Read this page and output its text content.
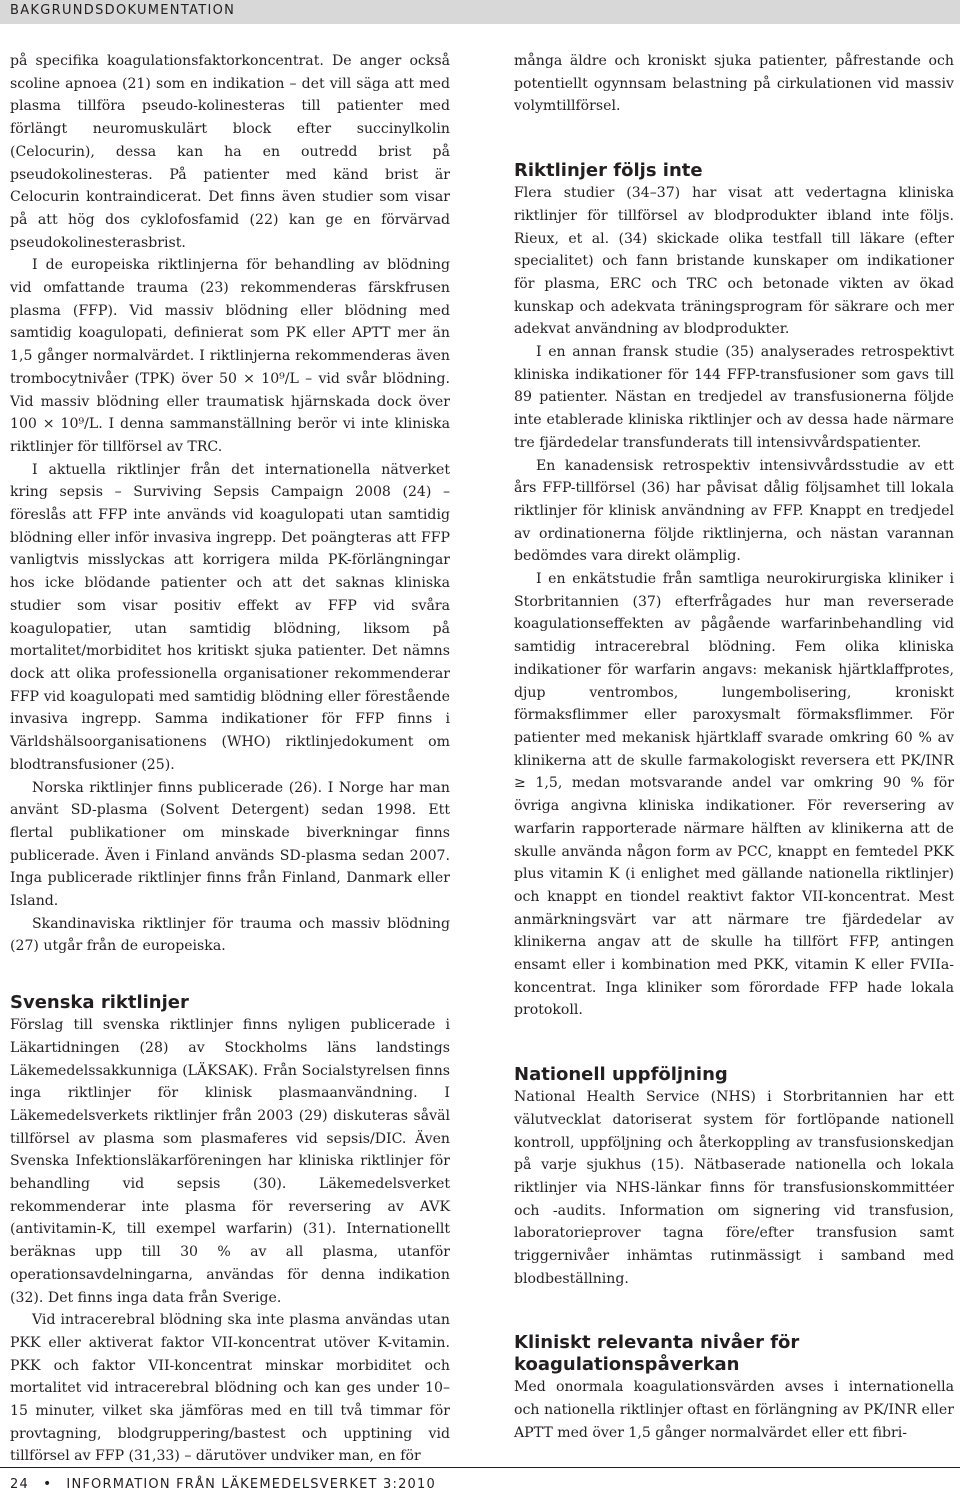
BAKGRUNDSDOKUMENTATION

på specifika koagulationsfaktorkoncentrat. De anger också scoline apnoea (21) som en indikation – det vill säga att med plasma tillföra pseudo-kolinesteras till patienter med förlängt neuromuskulärt block efter succinylkolin (Celocurin), dessa kan ha en outredd brist på pseudokolinesteras. På patienter med känd brist är Celocurin kontraindicerat. Det finns även studier som visar på att hög dos cyklofosfamid (22) kan ge en förvärvad pseudokolinesterasbrist.

I de europeiska riktlinjerna för behandling av blödning vid omfattande trauma (23) rekommenderas färskfrusen plasma (FFP). Vid massiv blödning eller blödning med samtidig koagulopati, definierat som PK eller APTT mer än 1,5 gånger normalvärdet. I riktlinjerna rekommenderas även trombocytnivåer (TPK) över 50 × 10⁹/L – vid svår blödning. Vid massiv blödning eller traumatisk hjärnskada dock över 100 × 10⁹/L. I denna sammanställning berör vi inte kliniska riktlinjer för tillförsel av TRC.

I aktuella riktlinjer från det internationella nätverket kring sepsis – Surviving Sepsis Campaign 2008 (24) – föreslås att FFP inte används vid koagulopati utan samtidig blödning eller inför invasiva ingrepp. Det poängteras att FFP vanligtvis misslyckas att korrigera milda PK-förlängningar hos icke blödande patienter och att det saknas kliniska studier som visar positiv effekt av FFP vid svåra koagulopatier, utan samtidig blödning, liksom på mortalitet/morbiditet hos kritiskt sjuka patienter. Det nämns dock att olika professionella organisationer rekommenderar FFP vid koagulopati med samtidig blödning eller förestående invasiva ingrepp. Samma indikationer för FFP finns i Världshälsoorganisationens (WHO) riktlinjedokument om blodtransfusioner (25).

Norska riktlinjer finns publicerade (26). I Norge har man använt SD-plasma (Solvent Detergent) sedan 1998. Ett flertal publikationer om minskade biverkningar finns publicerade. Även i Finland används SD-plasma sedan 2007. Inga publicerade riktlinjer finns från Finland, Danmark eller Island.

Skandinaviska riktlinjer för trauma och massiv blödning (27) utgår från de europeiska.

Svenska riktlinjer

Förslag till svenska riktlinjer finns nyligen publicerade i Läkartidningen (28) av Stockholms läns landstings Läkemedelssakkunniga (LÄKSAK). Från Socialstyrelsen finns inga riktlinjer för klinisk plasmaanvändning. I Läkemedelsverkets riktlinjer från 2003 (29) diskuteras såväl tillförsel av plasma som plasmaferes vid sepsis/DIC. Även Svenska Infektionsläkarföreningen har kliniska riktlinjer för behandling vid sepsis (30). Läkemedelsverket rekommenderar inte plasma för reversering av AVK (antivitamin-K, till exempel warfarin) (31). Internationellt beräknas upp till 30 % av all plasma, utanför operationsavdelningarna, användas för denna indikation (32). Det finns inga data från Sverige.

Vid intracerebral blödning ska inte plasma användas utan PKK eller aktiverat faktor VII-koncentrat utöver K-vitamin. PKK och faktor VII-koncentrat minskar morbiditet och mortalitet vid intracerebral blödning och kan ges under 10–15 minuter, vilket ska jämföras med en till två timmar för provtagning, blodgruppering/bastest och upptining vid tillförsel av FFP (31,33) – därutöver undviker man, en för

många äldre och kroniskt sjuka patienter, påfrestande och potentiellt ogynnsam belastning på cirkulationen vid massiv volymtillförsel.

Riktlinjer följs inte

Flera studier (34–37) har visat att vedertagna kliniska riktlinjer för tillförsel av blodprodukter ibland inte följs. Rieux, et al. (34) skickade olika testfall till läkare (efter specialitet) och fann bristande kunskaper om indikationer för plasma, ERC och TRC och betonade vikten av ökad kunskap och adekvata träningsprogram för säkrare och mer adekvat användning av blodprodukter.

I en annan fransk studie (35) analyserades retrospektivt kliniska indikationer för 144 FFP-transfusioner som gavs till 89 patienter. Nästan en tredjedel av transfusionerna följde inte etablerade kliniska riktlinjer och av dessa hade närmare tre fjärdedelar transfunderats till intensivvårdspatienter.

En kanadensisk retrospektiv intensivvårdsstudie av ett års FFP-tillförsel (36) har påvisat dålig följsamhet till lokala riktlinjer för klinisk användning av FFP. Knappt en tredjedel av ordinationerna följde riktlinjerna, och nästan varannan bedömdes vara direkt olämplig.

I en enkätstudie från samtliga neurokirurgiska kliniker i Storbritannien (37) efterfrågades hur man reverserade koagulationseffekten av pågående warfarinbehandling vid samtidig intracerebral blödning. Fem olika kliniska indikationer för warfarin angavs: mekanisk hjärtklaffprotes, djup ventrombos, lungembolisering, kroniskt förmaksflimmer eller paroxysmalt förmaksflimmer. För patienter med mekanisk hjärtklaff svarade omkring 60 % av klinikerna att de skulle farmakologiskt reversera ett PK/INR ≥ 1,5, medan motsvarande andel var omkring 90 % för övriga angivna kliniska indikationer. För reversering av warfarin rapporterade närmare hälften av klinikerna att de skulle använda någon form av PCC, knappt en femtedel PKK plus vitamin K (i enlighet med gällande nationella riktlinjer) och knappt en tiondel reaktivt faktor VII-koncentrat. Mest anmärkningsvärt var att närmare tre fjärdedelar av klinikerna angav att de skulle ha tillfört FFP, antingen ensamt eller i kombination med PKK, vitamin K eller FVIIa-koncentrat. Inga kliniker som förordade FFP hade lokala protokoll.

Nationell uppföljning

National Health Service (NHS) i Storbritannien har ett välutvecklat datoriserat system för fortlöpande nationell kontroll, uppföljning och återkoppling av transfusionskedjan på varje sjukhus (15). Nätbaserade nationella och lokala riktlinjer via NHS-länkar finns för transfusionskommittéer och -audits. Information om signering vid transfusion, laboratorieprover tagna före/efter transfusion samt triggernivåer inhämtas rutinmässigt i samband med blodbeställning.

Kliniskt relevanta nivåer för koagulationspåverkan

Med onormala koagulationsvärden avses i internationella och nationella riktlinjer oftast en förlängning av PK/INR eller APTT med över 1,5 gånger normalvärdet eller ett fibri-

24 • INFORMATION FRÅN LÄKEMEDELSVERKET 3:2010
